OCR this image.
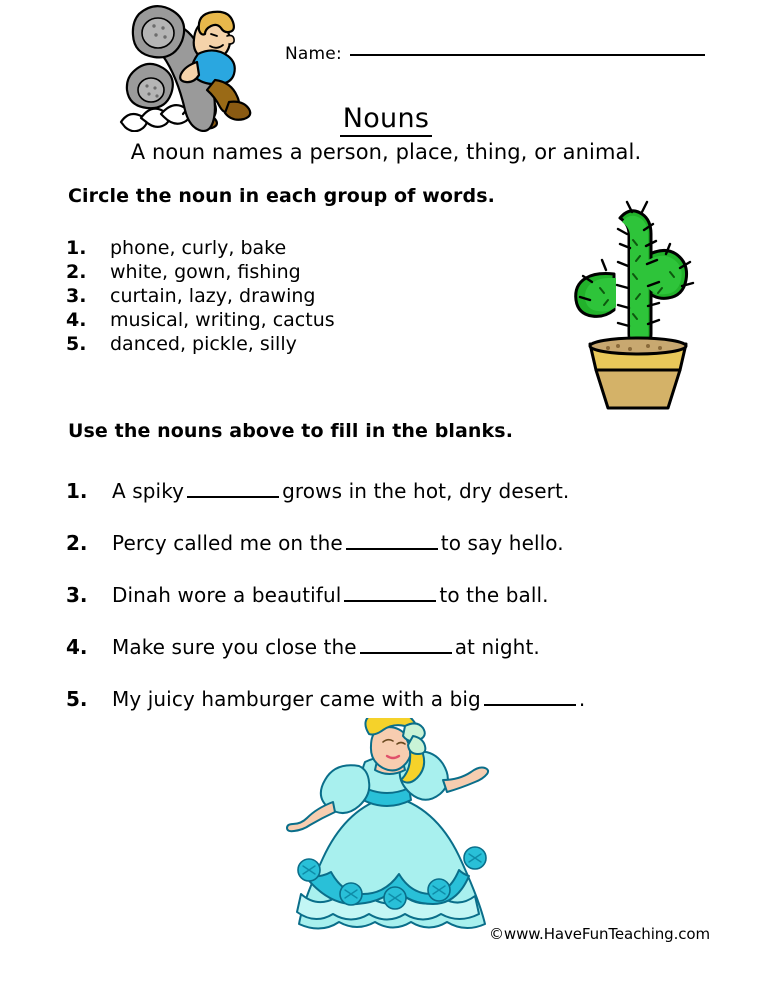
Name:
Nouns
A noun names a person, place, thing, or animal.
Circle the noun in each group of words.
1.	phone, curly, bake
2.	white, gown, fishing
3.	curtain, lazy, drawing
4.	musical, writing, cactus
5.	danced, pickle, silly
Use the nouns above to fill in the blanks.
1.	A spiky	grows in the hot, dry desert.
2.	Percy called me on the	to say hello.
3.	Dinah wore a beautiful	to the ball.
4.	Make sure you close the	at night.
5.	My juicy hamburger came with a big	.
©www.HaveFunTeaching.com
